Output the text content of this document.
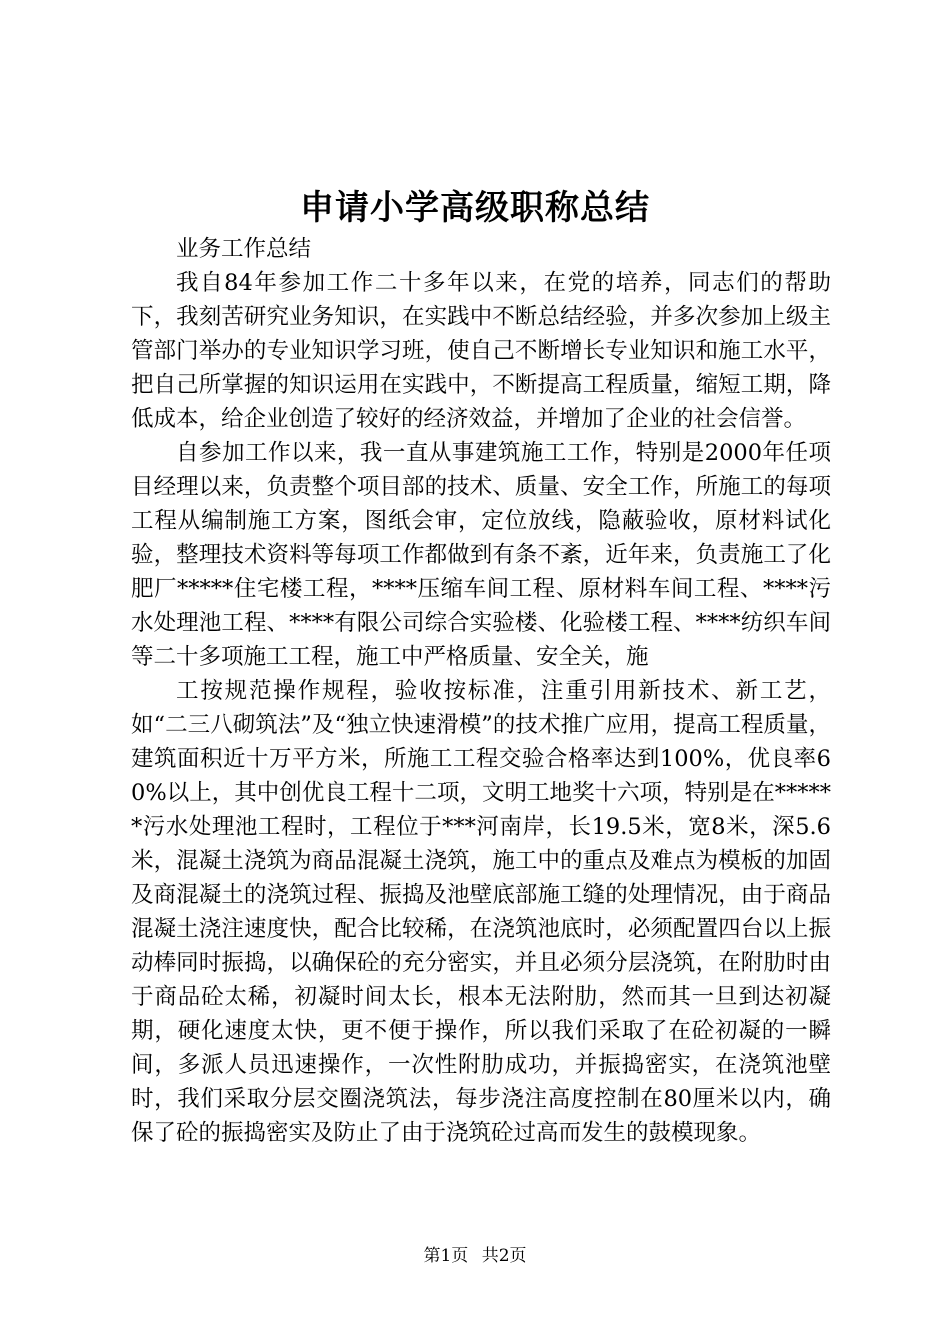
申请小学高级职称总结

业务工作总结

我自84年参加工作二十多年以来，在党的培养，同志们的帮助下，我刻苦研究业务知识，在实践中不断总结经验，并多次参加上级主管部门举办的专业知识学习班，使自己不断增长专业知识和施工水平，把自己所掌握的知识运用在实践中，不断提高工程质量，缩短工期，降低成本，给企业创造了较好的经济效益，并增加了企业的社会信誉。

自参加工作以来，我一直从事建筑施工工作，特别是2000年任项目经理以来，负责整个项目部的技术、质量、安全工作，所施工的每项工程从编制施工方案，图纸会审，定位放线，隐蔽验收，原材料试化验，整理技术资料等每项工作都做到有条不紊，近年来，负责施工了化肥厂*****住宅楼工程，****压缩车间工程、原材料车间工程、****污水处理池工程、****有限公司综合实验楼、化验楼工程、****纺织车间等二十多项施工工程，施工中严格质量、安全关，施

工按规范操作规程，验收按标准，注重引用新技术、新工艺，如“二三八砌筑法”及“独立快速滑模”的技术推广应用，提高工程质量，建筑面积近十万平方米，所施工工程交验合格率达到100%，优良率60%以上，其中创优良工程十二项，文明工地奖十六项，特别是在******污水处理池工程时，工程位于***河南岸，长19.5米，宽8米，深5.6米，混凝土浇筑为商品混凝土浇筑，施工中的重点及难点为模板的加固及商混凝土的浇筑过程、振捣及池壁底部施工缝的处理情况，由于商品混凝土浇注速度快，配合比较稀，在浇筑池底时，必须配置四台以上振动棒同时振捣，以确保砼的充分密实，并且必须分层浇筑，在附肋时由于商品砼太稀，初凝时间太长，根本无法附肋，然而其一旦到达初凝期，硬化速度太快，更不便于操作，所以我们采取了在砼初凝的一瞬间，多派人员迅速操作，一次性附肋成功，并振捣密实，在浇筑池壁时，我们采取分层交圈浇筑法，每步浇注高度控制在80厘米以内，确保了砼的振捣密实及防止了由于浇筑砼过高而发生的鼓模现象。

第1页 共2页
